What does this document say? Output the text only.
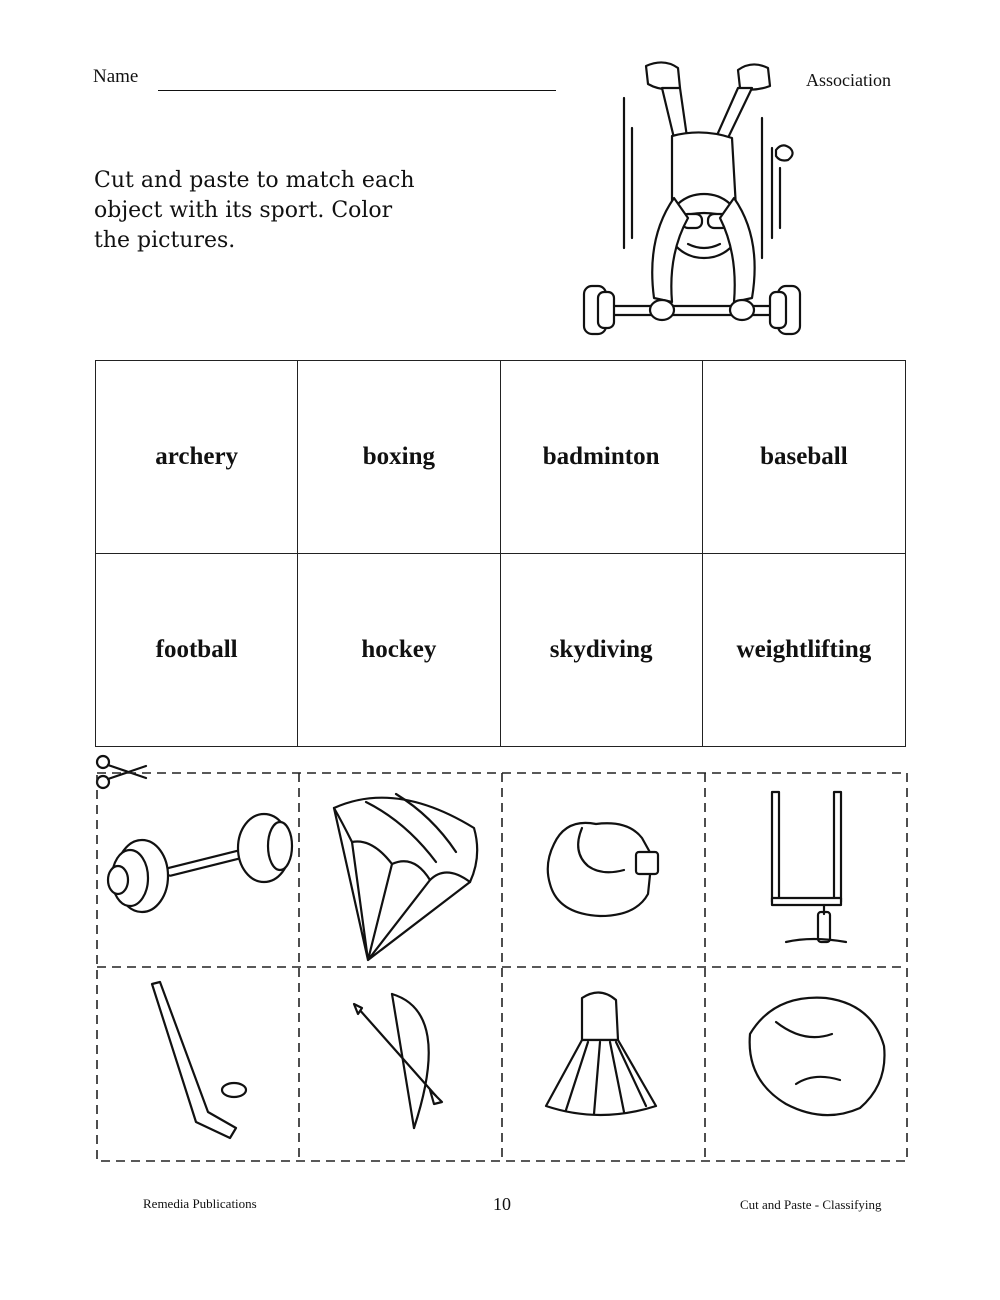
Name	Association
Cut and paste to match each
object with its sport. Color
the pictures.
archery	boxing	badminton	baseball
football	hockey	skydiving	weightlifting
Remedia Publications	10	Cut and Paste - Classifying
